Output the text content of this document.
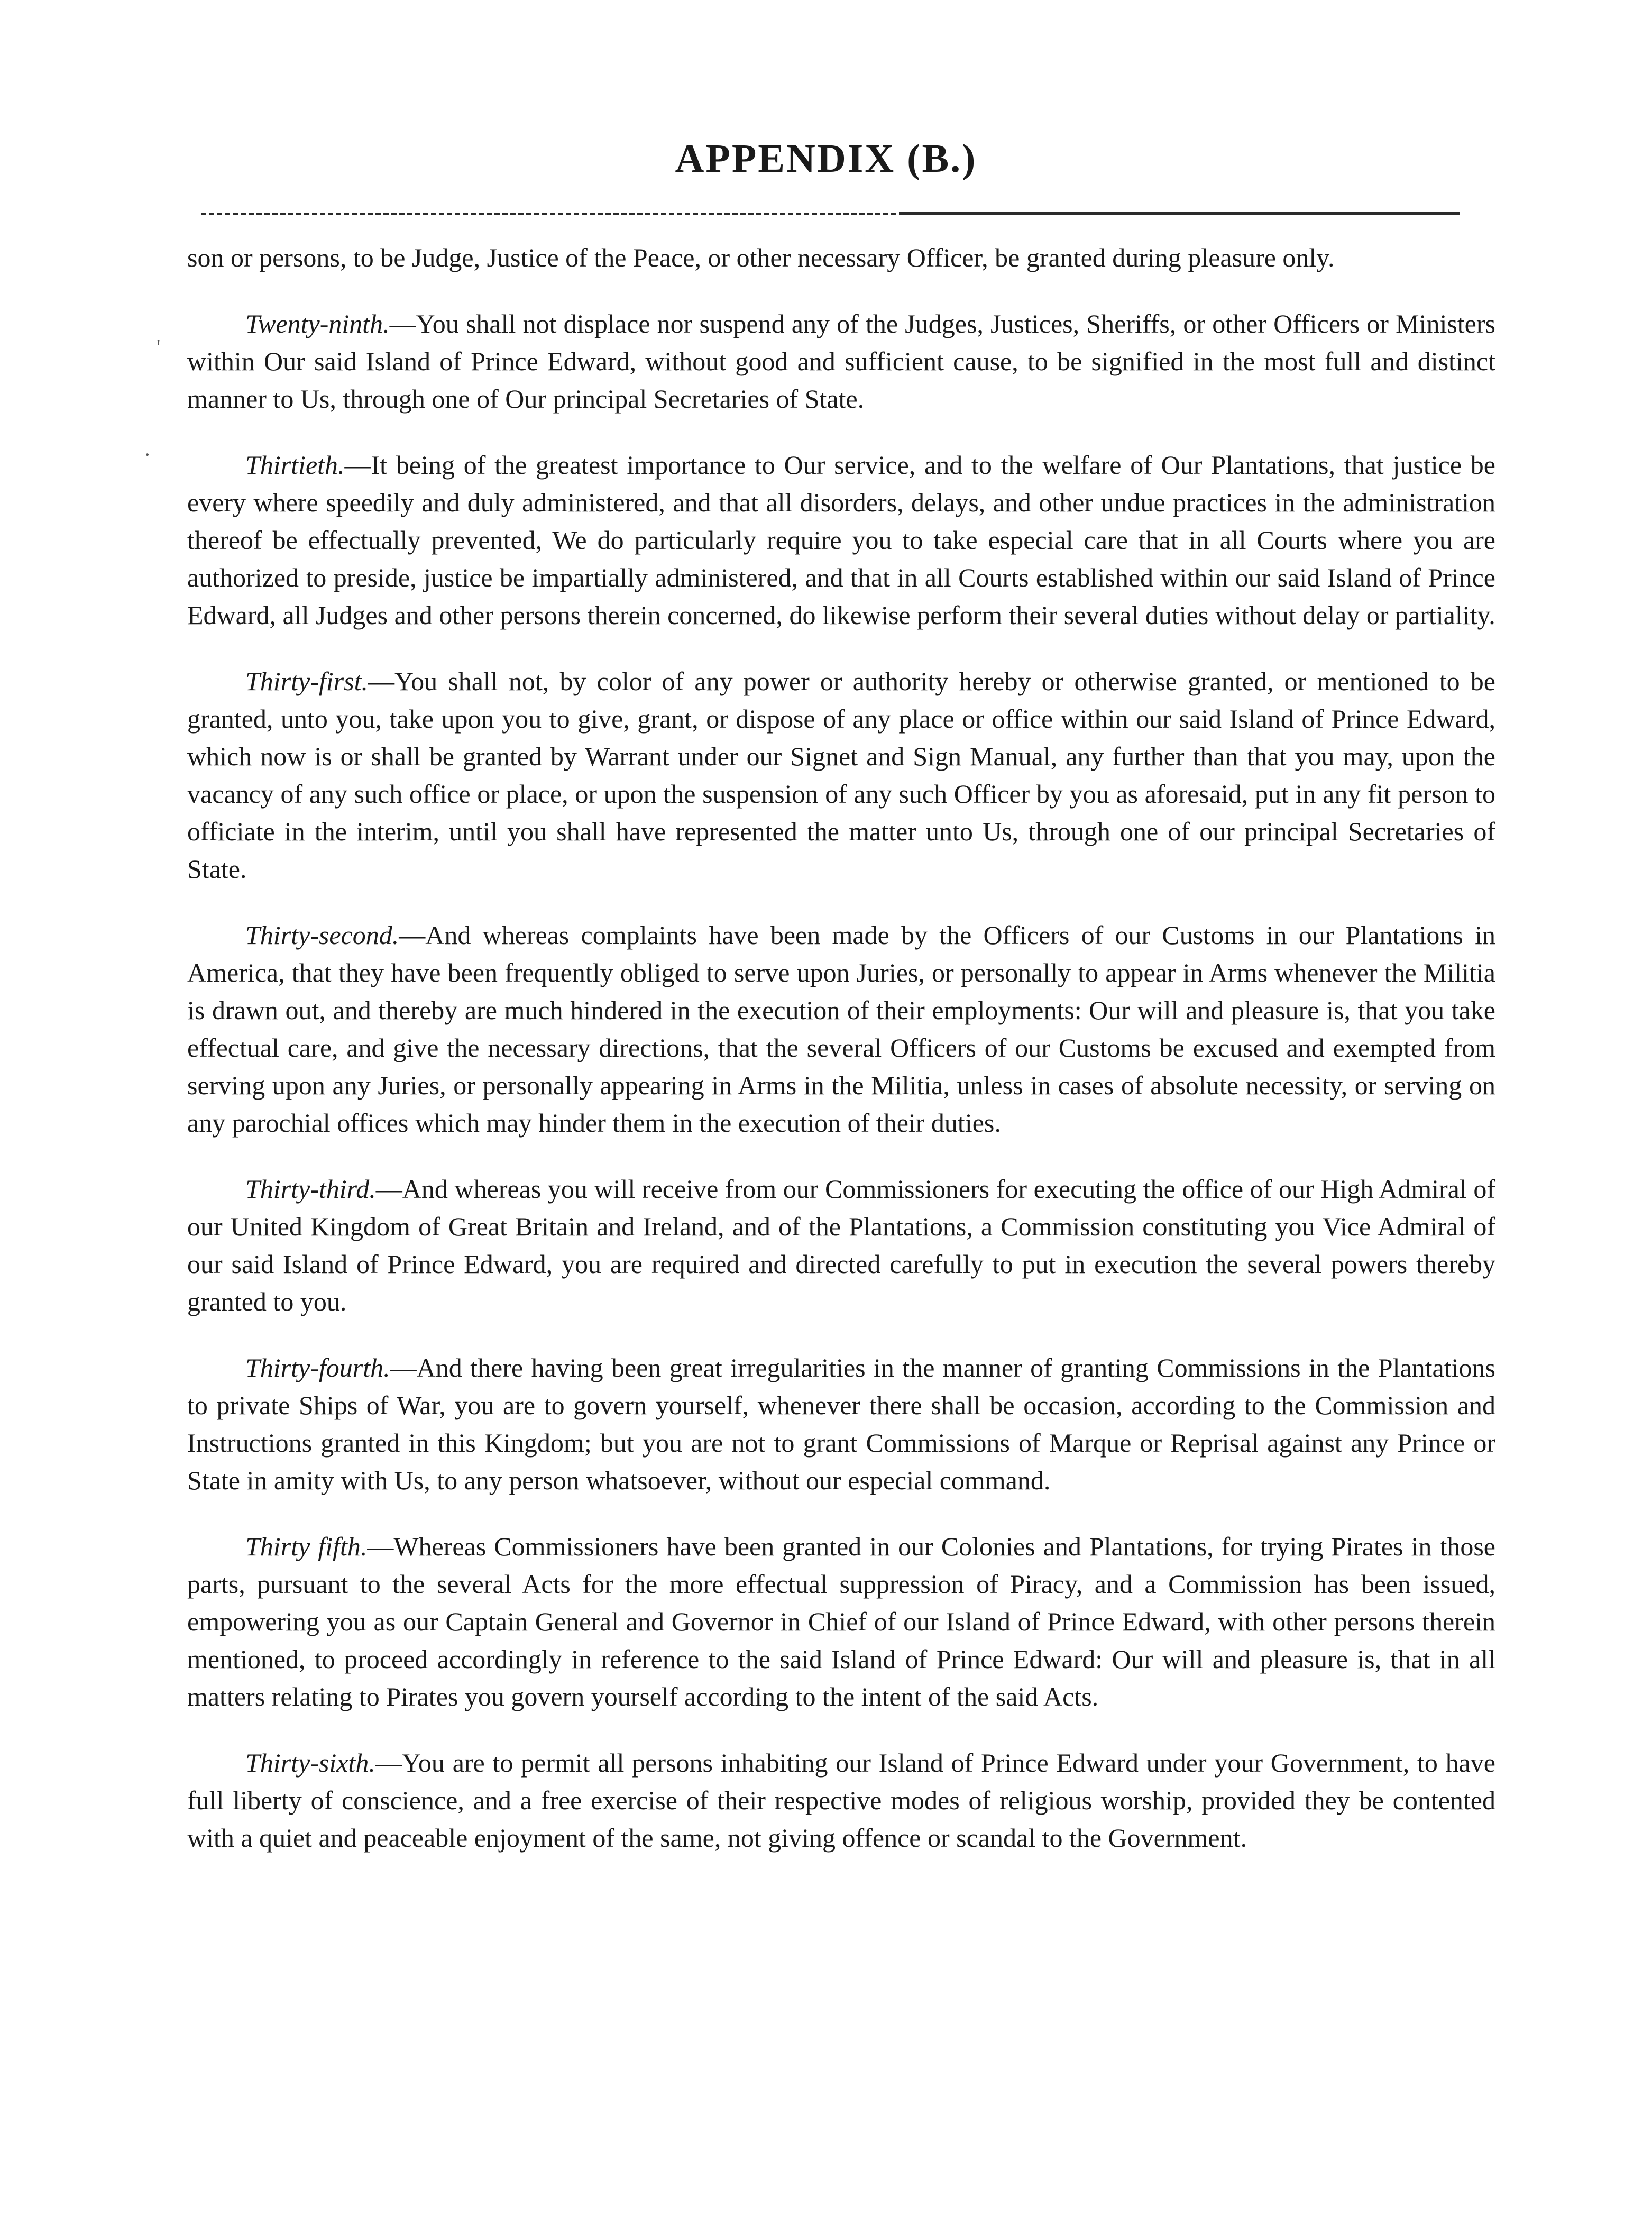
APPENDIX (B.)
'
·

son or persons, to be Judge, Justice of the Peace, or other necessary Officer, be granted during pleasure only.

Twenty-ninth.—You shall not displace nor suspend any of the Judges, Justices, Sheriffs, or other Officers or Ministers within Our said Island of Prince Edward, without good and sufficient cause, to be signified in the most full and distinct manner to Us, through one of Our principal Secretaries of State.

Thirtieth.—It being of the greatest importance to Our service, and to the welfare of Our Plantations, that justice be every where speedily and duly administered, and that all disorders, delays, and other undue practices in the administration thereof be effectually prevented, We do particularly require you to take especial care that in all Courts where you are authorized to preside, justice be impartially administered, and that in all Courts established within our said Island of Prince Edward, all Judges and other persons therein concerned, do likewise perform their several duties without delay or partiality.

Thirty-first.—You shall not, by color of any power or authority hereby or otherwise granted, or mentioned to be granted, unto you, take upon you to give, grant, or dispose of any place or office within our said Island of Prince Edward, which now is or shall be granted by Warrant under our Signet and Sign Manual, any further than that you may, upon the vacancy of any such office or place, or upon the suspension of any such Officer by you as aforesaid, put in any fit person to officiate in the interim, until you shall have represented the matter unto Us, through one of our principal Secretaries of State.

Thirty-second.—And whereas complaints have been made by the Officers of our Customs in our Plantations in America, that they have been frequently obliged to serve upon Juries, or personally to appear in Arms whenever the Militia is drawn out, and thereby are much hindered in the execution of their employments: Our will and pleasure is, that you take effectual care, and give the necessary directions, that the several Officers of our Customs be excused and exempted from serving upon any Juries, or personally appearing in Arms in the Militia, unless in cases of absolute necessity, or serving on any parochial offices which may hinder them in the execution of their duties.

Thirty-third.—And whereas you will receive from our Commissioners for executing the office of our High Admiral of our United Kingdom of Great Britain and Ireland, and of the Plantations, a Commission constituting you Vice Admiral of our said Island of Prince Edward, you are required and directed carefully to put in execution the several powers thereby granted to you.

Thirty-fourth.—And there having been great irregularities in the manner of granting Commissions in the Plantations to private Ships of War, you are to govern yourself, whenever there shall be occasion, according to the Commission and Instructions granted in this Kingdom; but you are not to grant Commissions of Marque or Reprisal against any Prince or State in amity with Us, to any person whatsoever, without our especial command.

Thirty fifth.—Whereas Commissioners have been granted in our Colonies and Plantations, for trying Pirates in those parts, pursuant to the several Acts for the more effectual suppression of Piracy, and a Commission has been issued, empowering you as our Captain General and Governor in Chief of our Island of Prince Edward, with other persons therein mentioned, to proceed accordingly in reference to the said Island of Prince Edward: Our will and pleasure is, that in all matters relating to Pirates you govern yourself according to the intent of the said Acts.

Thirty-sixth.—You are to permit all persons inhabiting our Island of Prince Edward under your Government, to have full liberty of conscience, and a free exercise of their respective modes of religious worship, provided they be contented with a quiet and peaceable enjoyment of the same, not giving offence or scandal to the Government.
